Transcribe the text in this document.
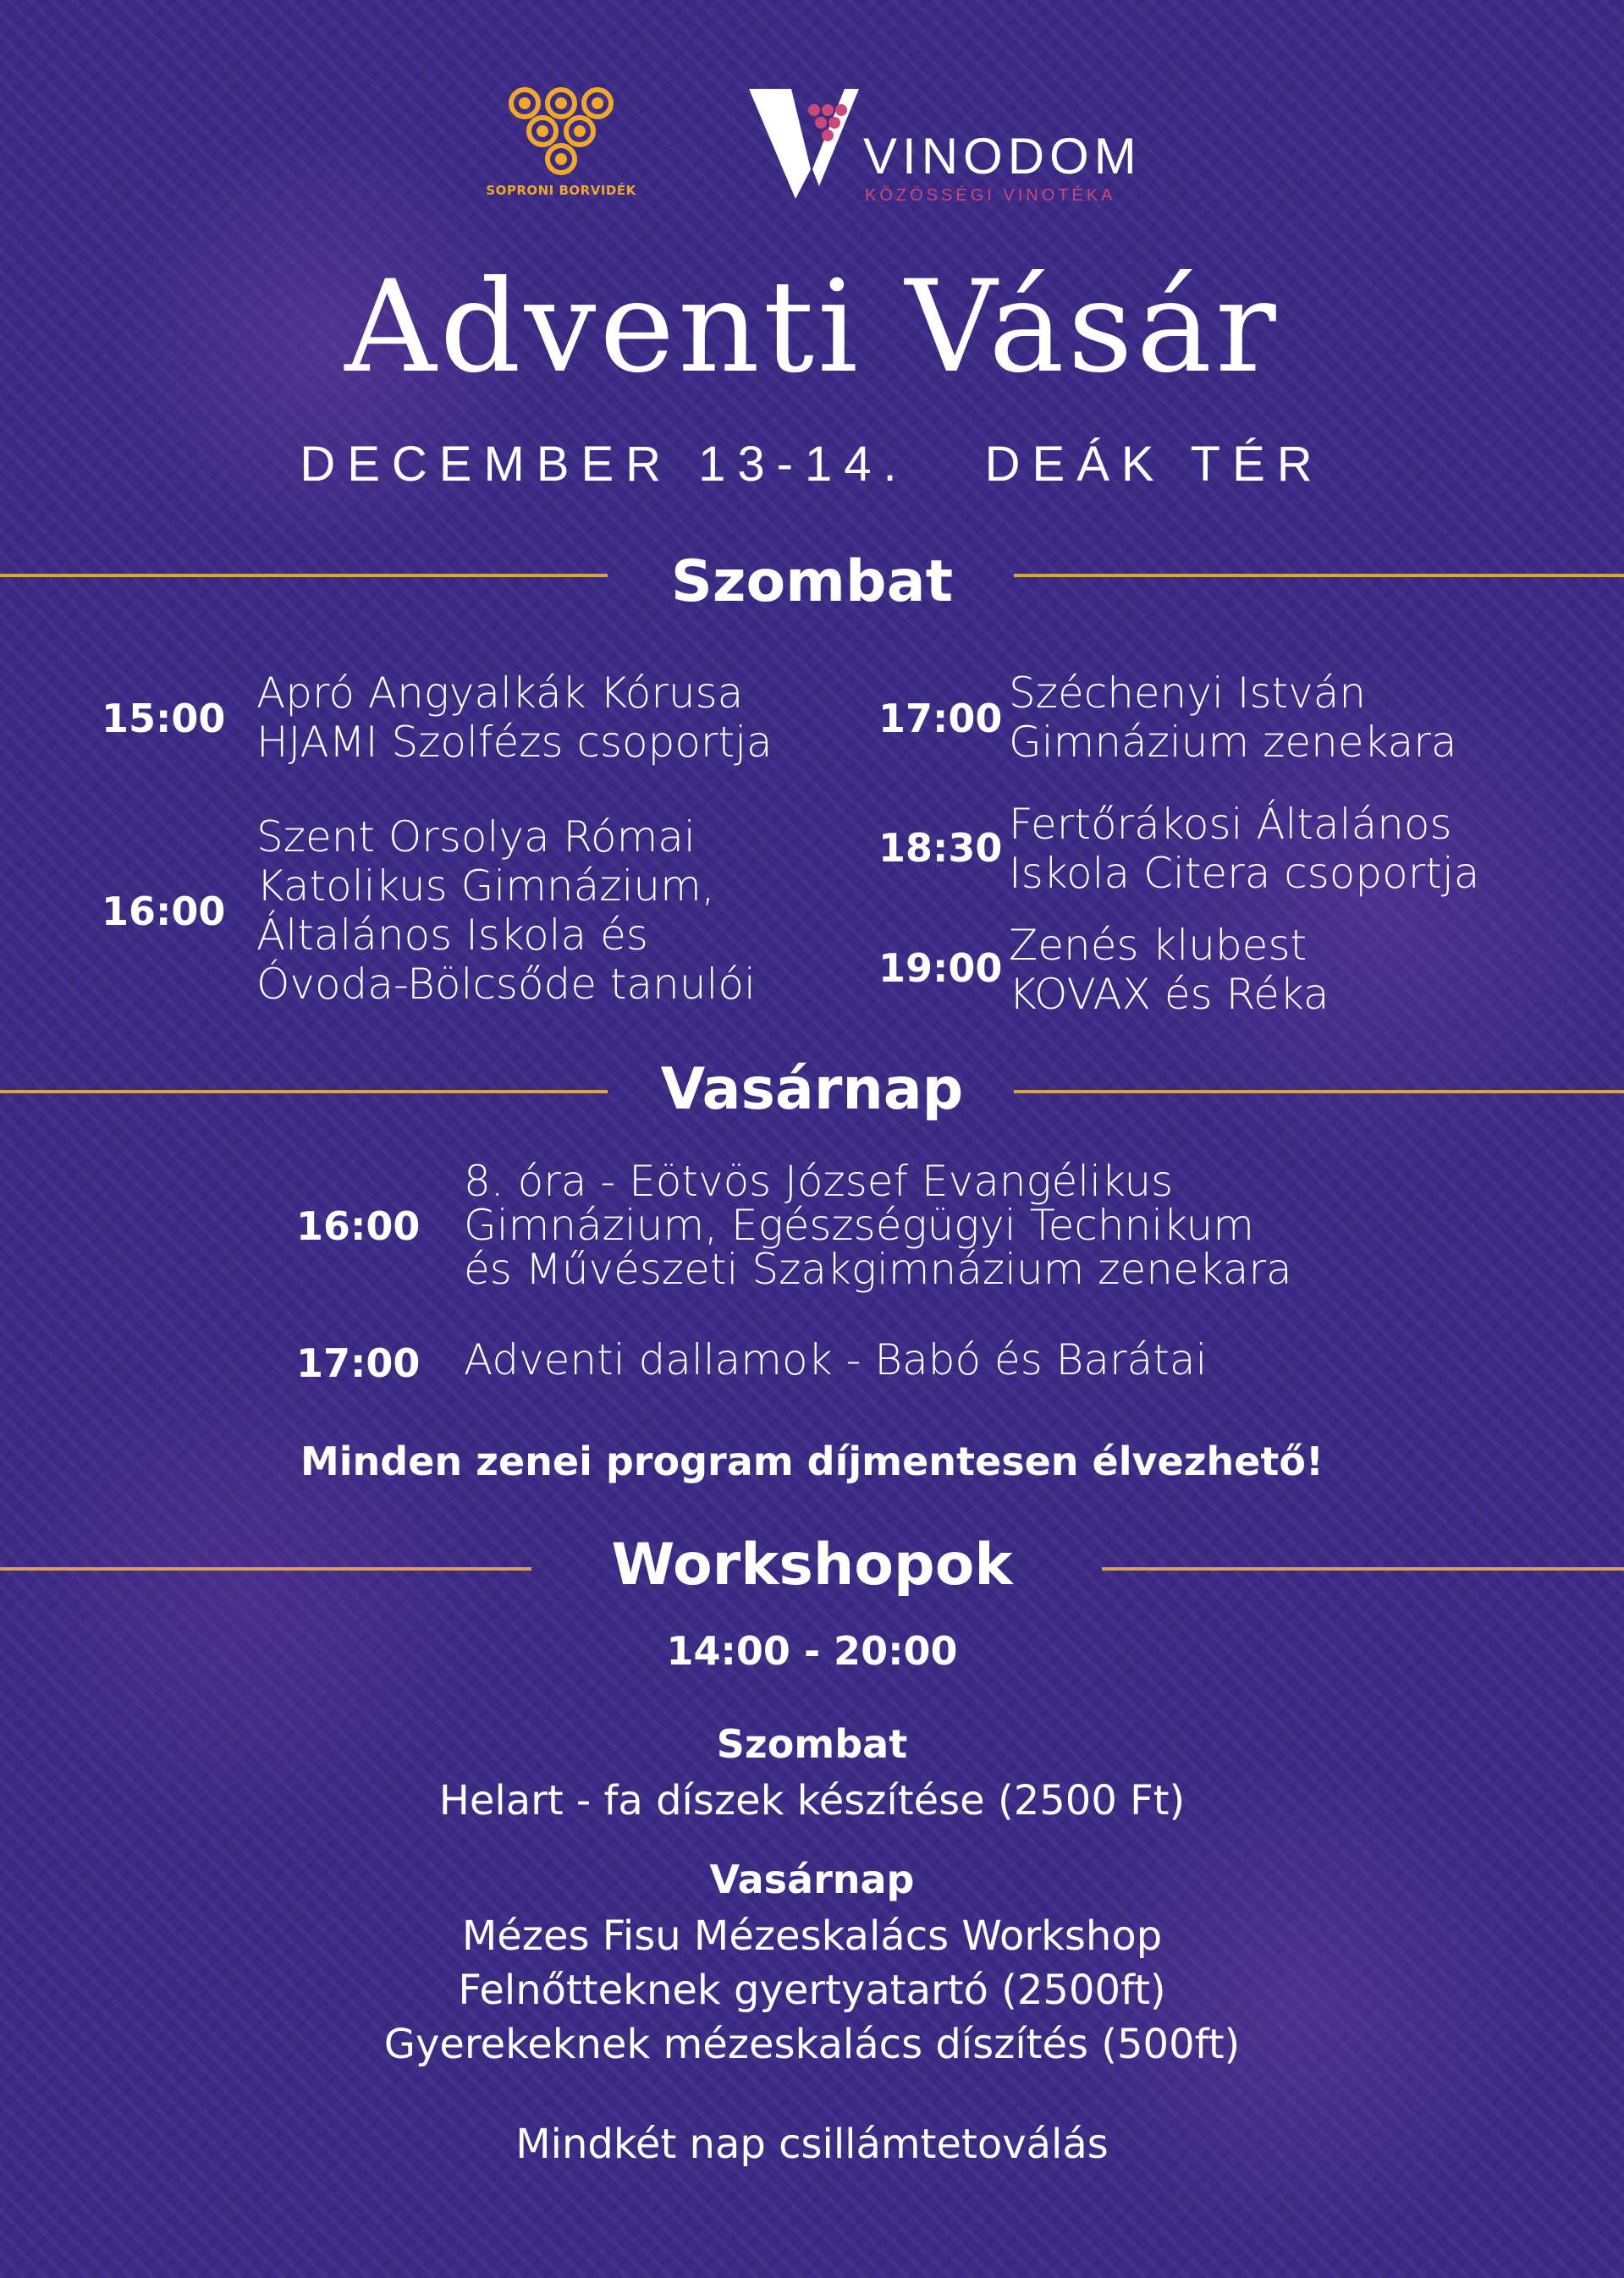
SOPRONI BORVIDÉK
VINODOM
KÖZÖSSÉGI VINOTÉKA
Adventi Vásár
DECEMBER 13-14. DEÁK TÉR
Szombat
15:00
Apró Angyalkák Kórusa
HJAMI Szolfézs csoportja
16:00
Szent Orsolya Római
Katolikus Gimnázium,
Általános Iskola és
Óvoda-Bölcsőde tanulói
17:00
Széchenyi István
Gimnázium zenekara
18:30 Fertőrákosi Általános
Iskola Citera csoportja
19:00 Zenés klubest
KOVAX és Réka
Vasárnap
16:00
8. óra - Eötvös József Evangélikus
Gimnázium, Egészségügyi Technikum
és Művészeti Szakgimnázium zenekara
17:00 Adventi dallamok - Babó és Barátai
Minden zenei program díjmentesen élvezhető!
Workshopok
14:00 - 20:00
Szombat
Helart - fa díszek készítése (2500 Ft)
Vasárnap
Mézes Fisu Mézeskalács Workshop
Felnőtteknek gyertyatartó (2500ft)
Gyerekeknek mézeskalács díszítés (500ft)
Mindkét nap csillámtetoválás
